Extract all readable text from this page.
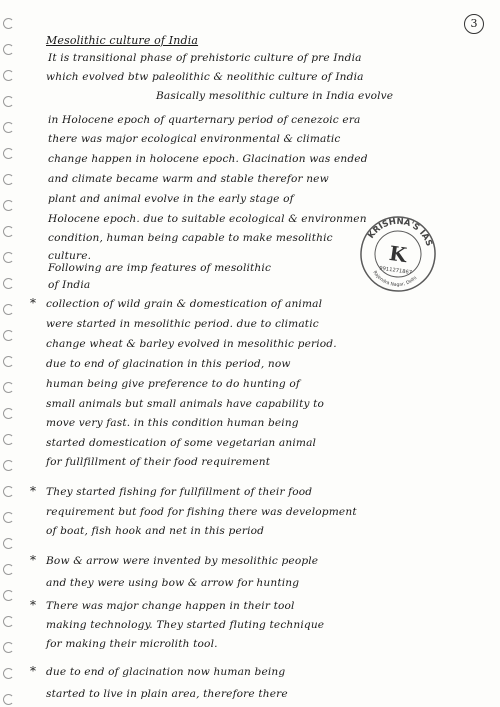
3
Mesolithic culture of India
It is transitional phase of prehistoric culture of pre India
which evolved btw paleolithic & neolithic culture of India
Basically mesolithic culture in India evolve
in Holocene epoch of quarternary period of cenezoic era
there was major ecological environmental & climatic
change happen in holocene epoch. Glacination was ended
and climate became warm and stable therefor new
plant and animal evolve in the early stage of
Holocene epoch. due to suitable ecological & environmen
condition, human being capable to make mesolithic
culture.
Following are imp features of mesolithic
of India
* collection of wild grain & domestication of animal
were started in mesolithic period. due to climatic
change wheat & barley evolved in mesolithic period.
due to end of glacination in this period, now
human being give preference to do hunting of
small animals but small animals have capability to
move very fast. in this condition human being
started domestication of some vegetarian animal
for fullfillment of their food requirement
* They started fishing for fullfillment of their food
requirement but food for fishing there was development
of boat, fish hook and net in this period
* Bow & arrow were invented by mesolithic people
and they were using bow & arrow for hunting
* There was major change happen in their tool
making technology. They started fluting technique
for making their microlith tool.
* due to end of glacination now human being
started to live in plain area, therefore there
KRISHNA'S IAS
K
9911271867
Rajendra Nagar, Delhi
